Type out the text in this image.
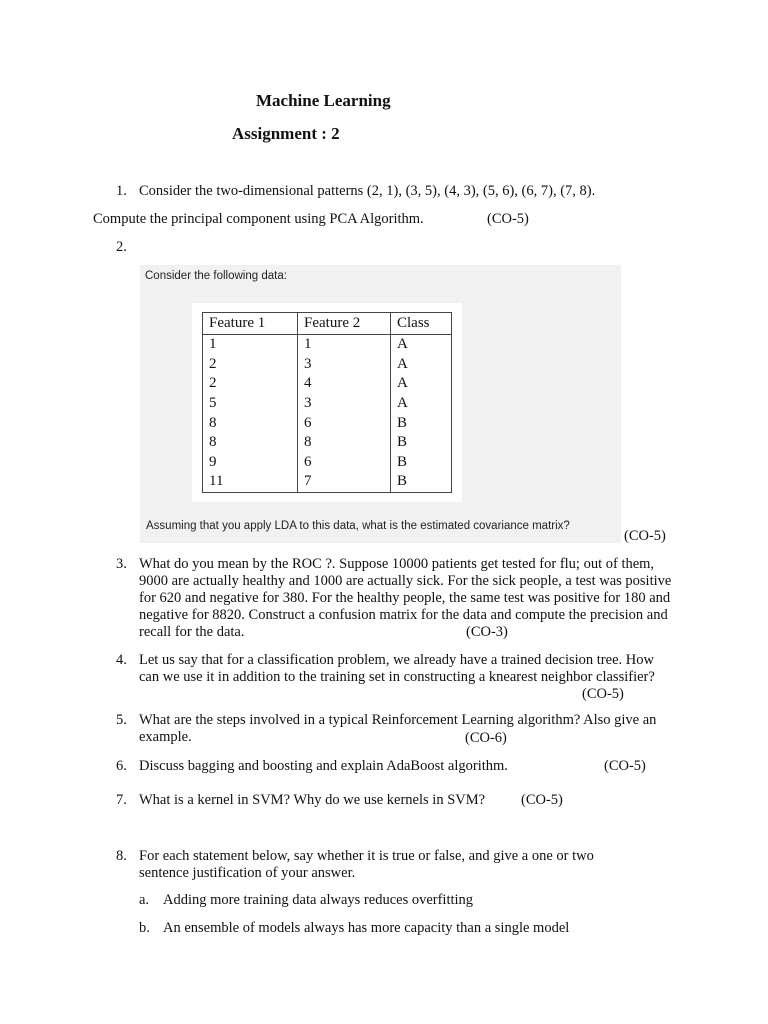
Machine Learning
Assignment : 2
1. Consider the two-dimensional patterns (2, 1), (3, 5), (4, 3), (5, 6), (6, 7), (7, 8).
Compute the principal component using PCA Algorithm.	(CO-5)
2.
Consider the following data:
Feature 1	Feature 2	Class
1	1	A
2	3	A
2	4	A
5	3	A
8	6	B
8	8	B
9	6	B
11	7	B
Assuming that you apply LDA to this data, what is the estimated covariance matrix?
(CO-5)
3. What do you mean by the ROC ?. Suppose 10000 patients get tested for flu; out of them, 9000 are actually healthy and 1000 are actually sick. For the sick people, a test was positive for 620 and negative for 380. For the healthy people, the same test was positive for 180 and negative for 8820. Construct a confusion matrix for the data and compute the precision and recall for the data.	(CO-3)
4. Let us say that for a classification problem, we already have a trained decision tree. How can we use it in addition to the training set in constructing a knearest neighbor classifier?
(CO-5)
5. What are the steps involved in a typical Reinforcement Learning algorithm? Also give an example.	(CO-6)
6. Discuss bagging and boosting and explain AdaBoost algorithm.	(CO-5)
7. What is a kernel in SVM? Why do we use kernels in SVM? (CO-5)
8. For each statement below, say whether it is true or false, and give a one or two sentence justification of your answer.
a. Adding more training data always reduces overfitting
b. An ensemble of models always has more capacity than a single model
